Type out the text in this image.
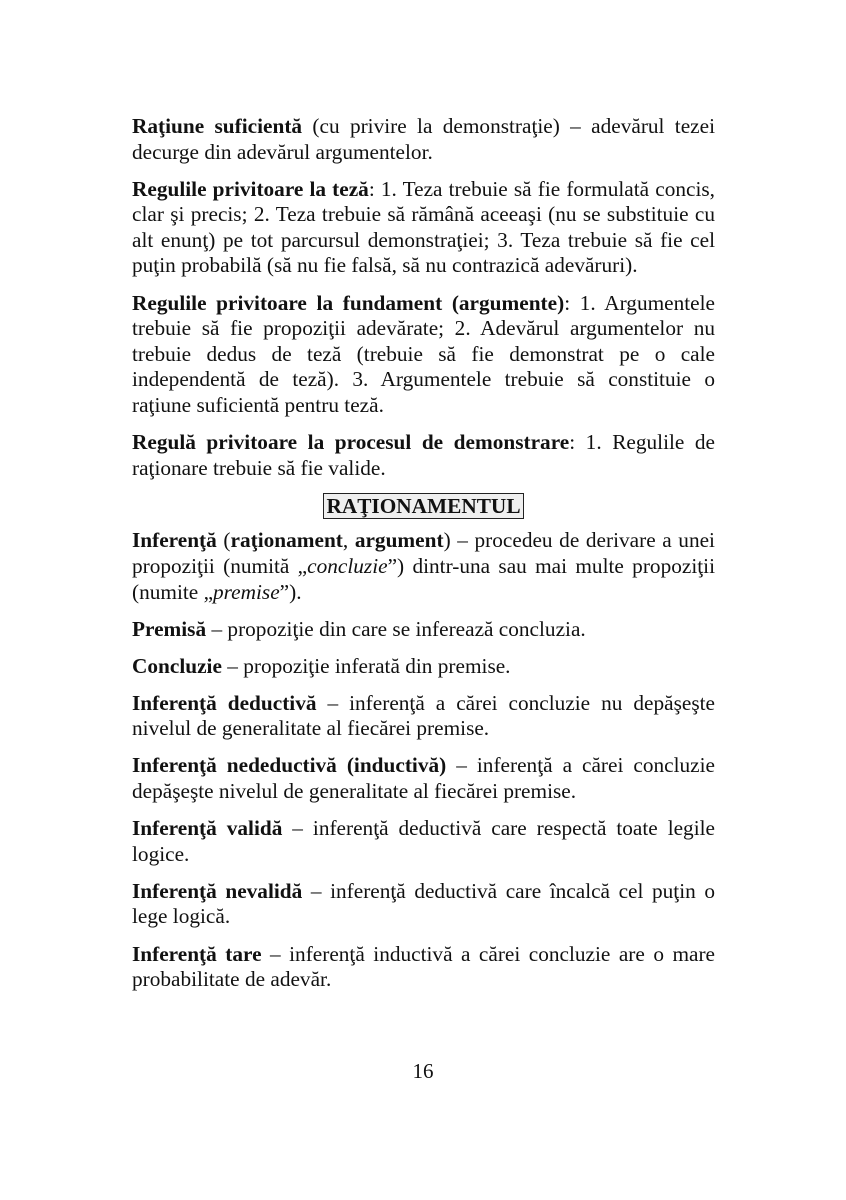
Raţiune suficientă (cu privire la demonstraţie) – adevărul tezei decurge din adevărul argumentelor.

Regulile privitoare la teză: 1. Teza trebuie să fie formulată concis, clar şi precis; 2. Teza trebuie să rămână aceeaşi (nu se substituie cu alt enunţ) pe tot parcursul demonstraţiei; 3. Teza trebuie să fie cel puţin probabilă (să nu fie falsă, să nu contrazică adevăruri).

Regulile privitoare la fundament (argumente): 1. Argumentele trebuie să fie propoziţii adevărate; 2. Adevărul argumentelor nu trebuie dedus de teză (trebuie să fie demonstrat pe o cale independentă de teză). 3. Argumentele trebuie să constituie o raţiune suficientă pentru teză.

Regulă privitoare la procesul de demonstrare: 1. Regulile de raţionare trebuie să fie valide.

RAŢIONAMENTUL

Inferenţă (raţionament, argument) – procedeu de derivare a unei propoziţii (numită „concluzie”) dintr-una sau mai multe propoziţii (numite „premise”).

Premisă – propoziţie din care se inferează concluzia.

Concluzie – propoziţie inferată din premise.

Inferenţă deductivă – inferenţă a cărei concluzie nu depăşeşte nivelul de generalitate al fiecărei premise.

Inferenţă nedeductivă (inductivă) – inferenţă a cărei concluzie depăşeşte nivelul de generalitate al fiecărei premise.

Inferenţă validă – inferenţă deductivă care respectă toate legile logice.

Inferenţă nevalidă – inferenţă deductivă care încalcă cel puţin o lege logică.

Inferenţă tare – inferenţă inductivă a cărei concluzie are o mare probabilitate de adevăr.

16
